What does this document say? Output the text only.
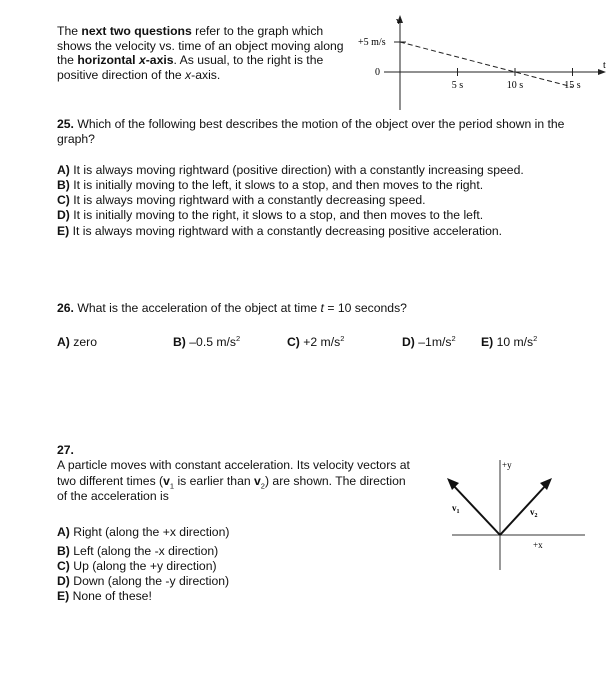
The next two questions refer to the graph which shows the velocity vs. time of an object moving along the horizontal x-axis. As usual, to the right is the positive direction of the x-axis.
v
t
+5 m/s
0
5 s	10 s	15 s
25. Which of the following best describes the motion of the object over the period shown in the
graph?
A) It is always moving rightward (positive direction) with a constantly increasing speed.
B) It is initially moving to the left, it slows to a stop, and then moves to the right.
C) It is always moving rightward with a constantly decreasing speed.
D) It is initially moving to the right, it slows to a stop, and then moves to the left.
E) It is always moving rightward with a constantly decreasing positive acceleration.
26. What is the acceleration of the object at time t = 10 seconds?
A) zero	B) –0.5 $m/s^2$	C) +2 $m/s^2$	D) $-1m/s^2$ E) 10 $m/s^2$
27.
A particle moves with constant acceleration. Its velocity vectors at
two different times ($v_1$ is earlier than $v_2$) are shown. The direction
of the acceleration is
A) Right (along the +x direction)
B) Left (along the -x direction)
C) Up (along the +y direction)
D) Down (along the -y direction)
E) None of these!
+y
+x
$v_1$	$v_2$
